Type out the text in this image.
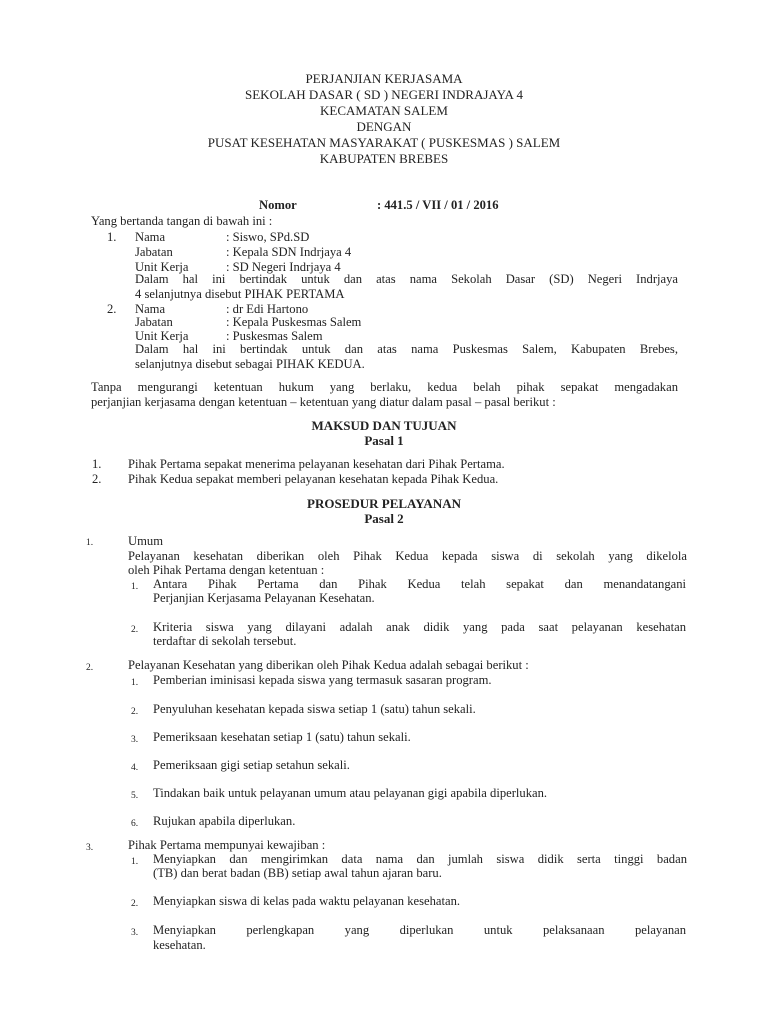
PERJANJIAN KERJASAMA
SEKOLAH DASAR ( SD ) NEGERI INDRAJAYA 4
KECAMATAN SALEM
DENGAN
PUSAT KESEHATAN MASYARAKAT ( PUSKESMAS ) SALEM
KABUPATEN BREBES
Nomor	: 441.5 / VII / 01 / 2016
Yang bertanda tangan di bawah ini :
1. Nama	: Siswo, SPd.SD
Jabatan	: Kepala SDN Indrjaya 4
Unit Kerja	: SD Negeri Indrjaya 4
Dalam hal ini bertindak untuk dan atas nama Sekolah Dasar (SD) Negeri Indrjaya
4 selanjutnya disebut PIHAK PERTAMA
2. Nama	: dr Edi Hartono
Jabatan	: Kepala Puskesmas Salem
Unit Kerja	: Puskesmas Salem
Dalam hal ini bertindak untuk dan atas nama Puskesmas Salem, Kabupaten Brebes,
selanjutnya disebut sebagai PIHAK KEDUA.
Tanpa mengurangi ketentuan hukum yang berlaku, kedua belah pihak sepakat mengadakan
perjanjian kerjasama dengan ketentuan – ketentuan yang diatur dalam pasal – pasal berikut :
MAKSUD DAN TUJUAN
Pasal 1
1. Pihak Pertama sepakat menerima pelayanan kesehatan dari Pihak Pertama.
2. Pihak Kedua sepakat memberi pelayanan kesehatan kepada Pihak Kedua.
PROSEDUR PELAYANAN
Pasal 2
1.	Umum
Pelayanan kesehatan diberikan oleh Pihak Kedua kepada siswa di sekolah yang dikelola
oleh Pihak Pertama dengan ketentuan :
1. Antara Pihak Pertama dan Pihak Kedua telah sepakat dan menandatangani
Perjanjian Kerjasama Pelayanan Kesehatan.
2. Kriteria siswa yang dilayani adalah anak didik yang pada saat pelayanan kesehatan
terdaftar di sekolah tersebut.
2.	Pelayanan Kesehatan yang diberikan oleh Pihak Kedua adalah sebagai berikut :
1. Pemberian iminisasi kepada siswa yang termasuk sasaran program.
2. Penyuluhan kesehatan kepada siswa setiap 1 (satu) tahun sekali.
3. Pemeriksaan kesehatan setiap 1 (satu) tahun sekali.
4. Pemeriksaan gigi setiap setahun sekali.
5. Tindakan baik untuk pelayanan umum atau pelayanan gigi apabila diperlukan.
6. Rujukan apabila diperlukan.
3.	Pihak Pertama mempunyai kewajiban :
1. Menyiapkan dan mengirimkan data nama dan jumlah siswa didik serta tinggi badan
(TB) dan berat badan (BB) setiap awal tahun ajaran baru.
2. Menyiapkan siswa di kelas pada waktu pelayanan kesehatan.
3. Menyiapkan perlengkapan yang diperlukan untuk pelaksanaan pelayanan
kesehatan.
